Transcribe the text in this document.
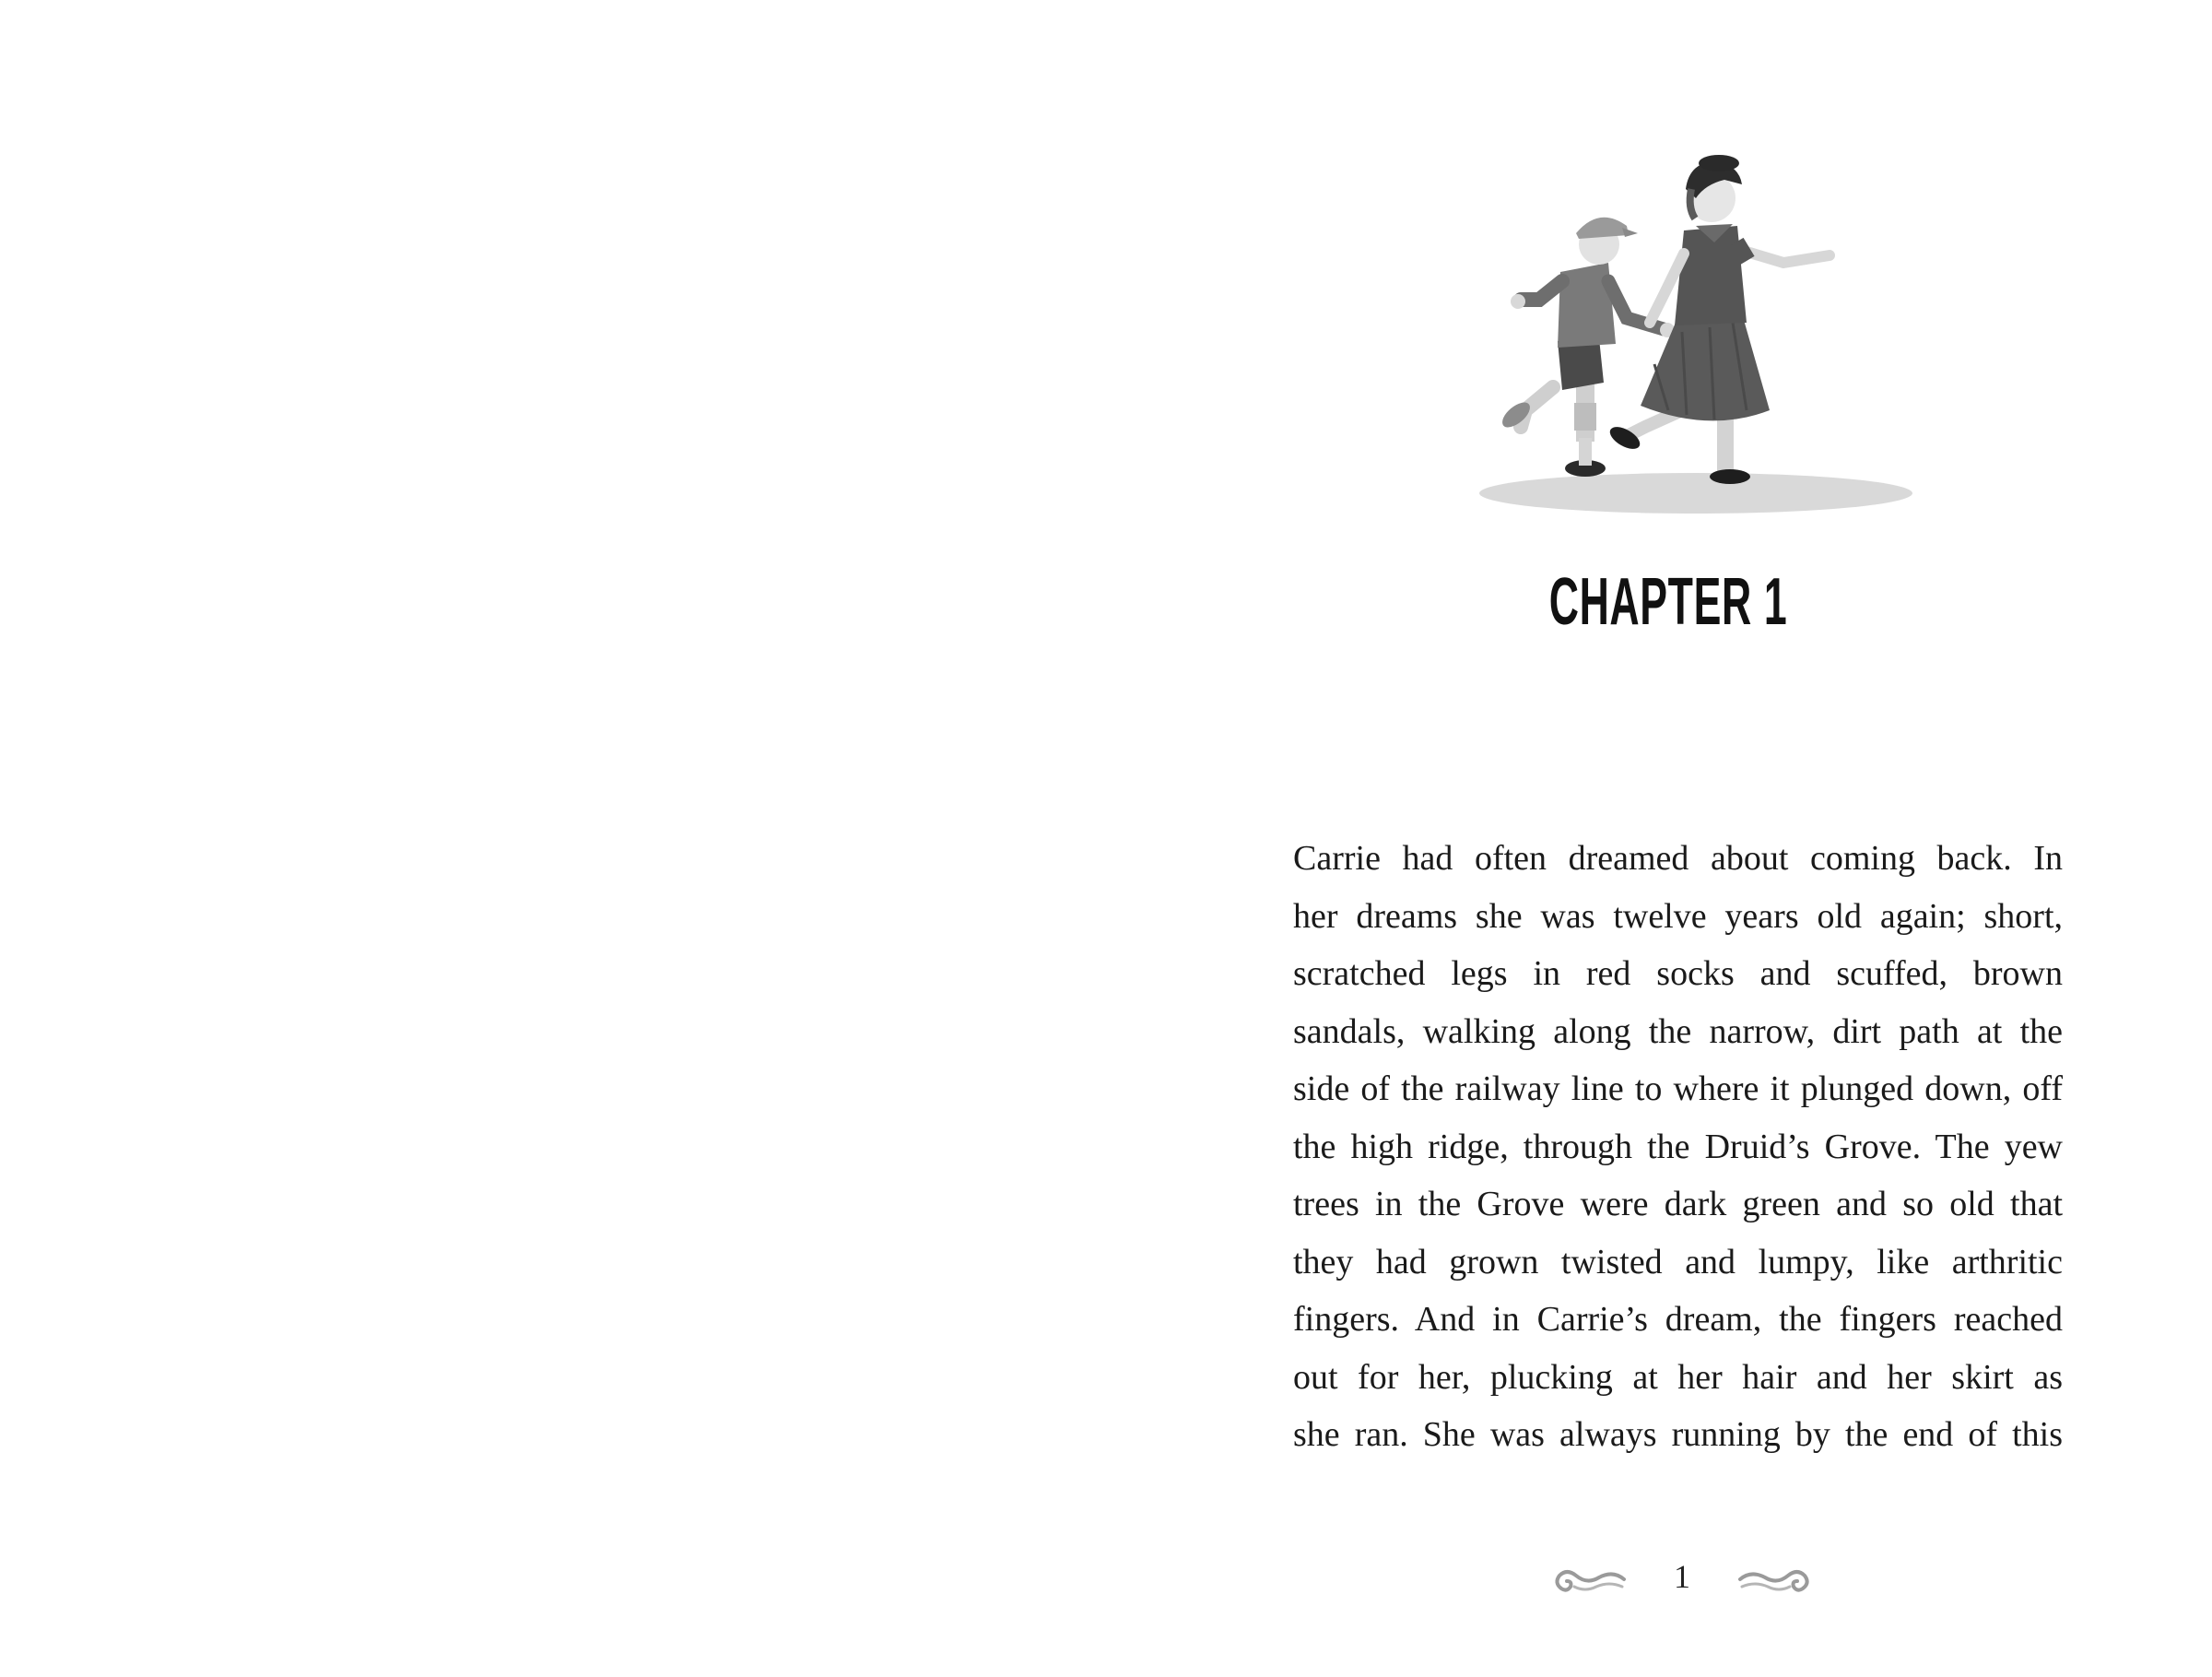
CHAPTER 1
Carrie had often dreamed about coming back. In
her dreams she was twelve years old again; short,
scratched legs in red socks and scuffed, brown
sandals, walking along the narrow, dirt path at the
side of the railway line to where it plunged down, off
the high ridge, through the Druid’s Grove. The yew
trees in the Grove were dark green and so old that
they had grown twisted and lumpy, like arthritic
fingers. And in Carrie’s dream, the fingers reached
out for her, plucking at her hair and her skirt as
she ran. She was always running by the end of this
1
